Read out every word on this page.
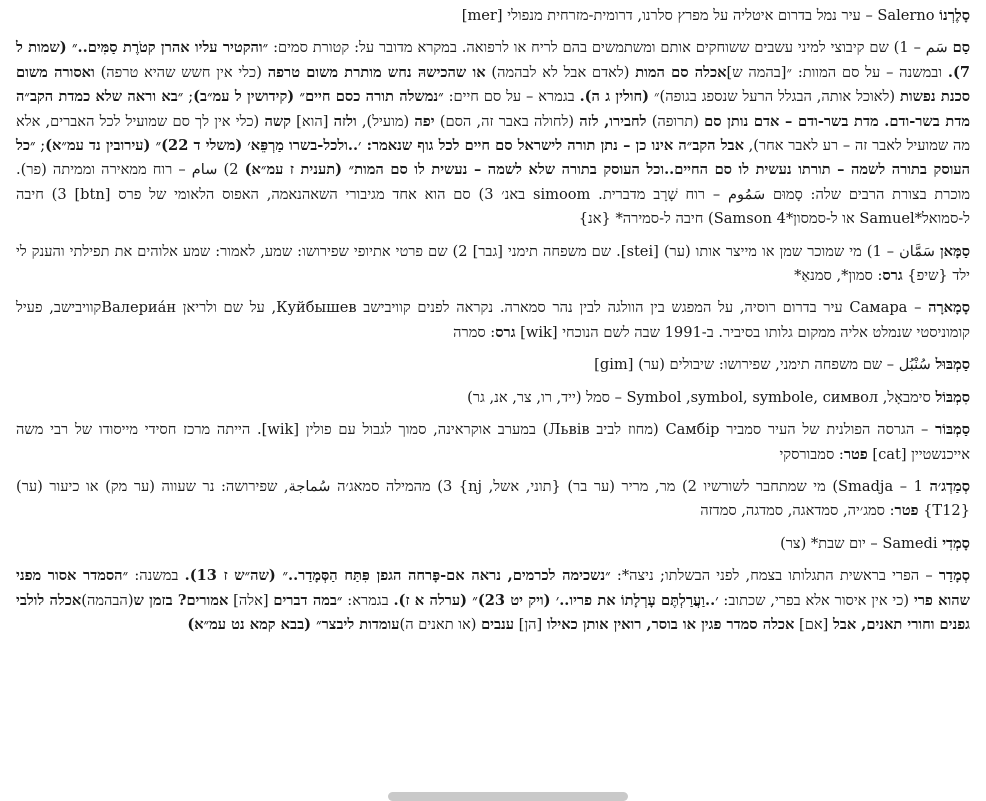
סָלֶרְנוֹ Salerno – עיר נמל בדרום איטליה על מפרץ סלרנו, דרומית-מזרחית מנפולי [mer]

סַם سَم – 1) שם קיבוצי למיני עשבים ששוחקים אותם ומשתמשים בהם לריח או לרפואה. במקרא מדובר על: קטורת סמים: ״והקטיר עליו אהרן קטֹרֶת סַמִּים..״ (שמות ל 7). ובמשנה – על סם המוות: ״[בהמה ש]אכלה סם המות (לאדם אבל לא לבהמה) או שהכישהּ נחש מותרת משום טרפה (כלי אין חשש שהיא טרפה) ואסורה משום סכנת נפשות (לאוכל אותה, הבגלל הרעל שנספג בגופה)״ (חולין ג ה). בגמרא – על סם חיים: ״נמשלה תורה כסם חיים״ (קידושין ל עמ״ב); ״בא וראה שלא כמדת הקב״ה מדת בשר-ודם. מדת בשר-ודם – אדם נותן סם (תרופה) לחבירו, לזה (לחולה באבר זה, הסם) יפה (מועיל), ולזה [הוא] קשה (כלי אין לך סם שמועיל לכל האברים, אלא מה שמועיל לאבר זה – רע לאבר אחר), אבל הקב״ה אינו כן – נתן תורה לישראל סם חיים לכל גוף שנאמר: ׳..ולכל-בשרו מַרְפֵּא׳ (משלי ד 22)״ (עירובין נד עמ״א); ״כל העוסק בתורה לשמה – תורתו נעשית לו סם החיים..וכל העוסק בתורה שלא לשמה – נעשית לו סם המות״ (תענית ז עמ״א) 2) سام – רוח ממאירה וממיתה (פר). מוכרת בצורת הרבים שלה: סָמוּם سَمُوم – רוח שָׁרָב מדברית. simoom באנ׳ 3) סם הוא אחד מגיבורי השאהנאמה, האפוס הלאומי של פרס [btn] 3) חיבה ל-סמואל*Samuel או ל-סמסון*Samson 4) חיבה ל-סמירה* {אנ}

סַמָּאן سَمَّان – 1) מי שמוכר שמן או מייצר אותו (ער) [stei]. שם משפחה תימני [גבר] 2) שם פרטי אתיופי שפירושו: שמע, לאמור: שמע אלוהים את תפילתי והענק לי ילד {שיפ} גרס: סמון*, סמנאַ*

סָמָארָה – Самара עיר בדרום רוסיה, על המפגש בין הוולגה לבין נהר סמארה. נקראה לפנים קוויבישב Куйбышев, על שם ולריאן Валериа́нקוויבישב, פעיל קומוניסטי שנמלט אליה ממקום גלותו בסיביר. ב-1991 שבה לשם הנוכחי [wik] גרס: סמרה

סַמְבּוּל سُنْبُل – שם משפחה תימני, שפירושו: שיבולים (ער) [gim]

סִמְבּוֹל סימבאָל, Symbol ,symbol, symbole, символ – סמל (ייד, רו, צר, אנ, גר)

סַמְבּוֹר – הגרסה הפולנית של העיר סמביר Самбір (מחוז לביב Львів) במערב אוקראינה, סמוך לגבול עם פולין [wik]. הייתה מרכז חסידי מייסודו של רבי משה אייכנשטיין [cat] פטר: סמבורסקי

סְמַדְג׳ה Smadja – 1) מי שמתחבר לשורשיו 2) מר, מריר (ער בר) {תוני, אשל, nj} 3) מהמילה סמאג׳ה سُماجة, שפירושה: נר שעווה (ער מק) או כיעור (ער) {T12} פטר: סמג׳יה, סמדאגה, סמדגה, סמדזה

סָמְדִי Samedi – יום שבת* (צר)

סְמָדַר – הפרי בראשית התגלותו בצמח, לפני הבשלתו; ניצה*: ״נשכימה לכרמים, נראה אם-פָּרחה הגפן פִּתַּח הַסְּמָדַר..״ (שה״ש ז 13). במשנה: ״הסמדר אסור מפני שהוא פרי (כי אין איסור אלא בפרי, שכתוב: ׳..וַעֲרַלְתֶּם עָרְלָתוֹ את פריו..׳ (ויק יט 23)״ (ערלה א ז). בגמרא: ״במה דברים [אלה] אמורים? בזמן ש(הבהמה)אכלה לולבי גפנים וחורי תאנים, אבל [אם] אכלה סמדר פגין או בוסר, רואין אותן כאילו [הן] ענבים (או תאנים ה)עומדות ליבצר״ (בבא קמא נט עמ״א)
